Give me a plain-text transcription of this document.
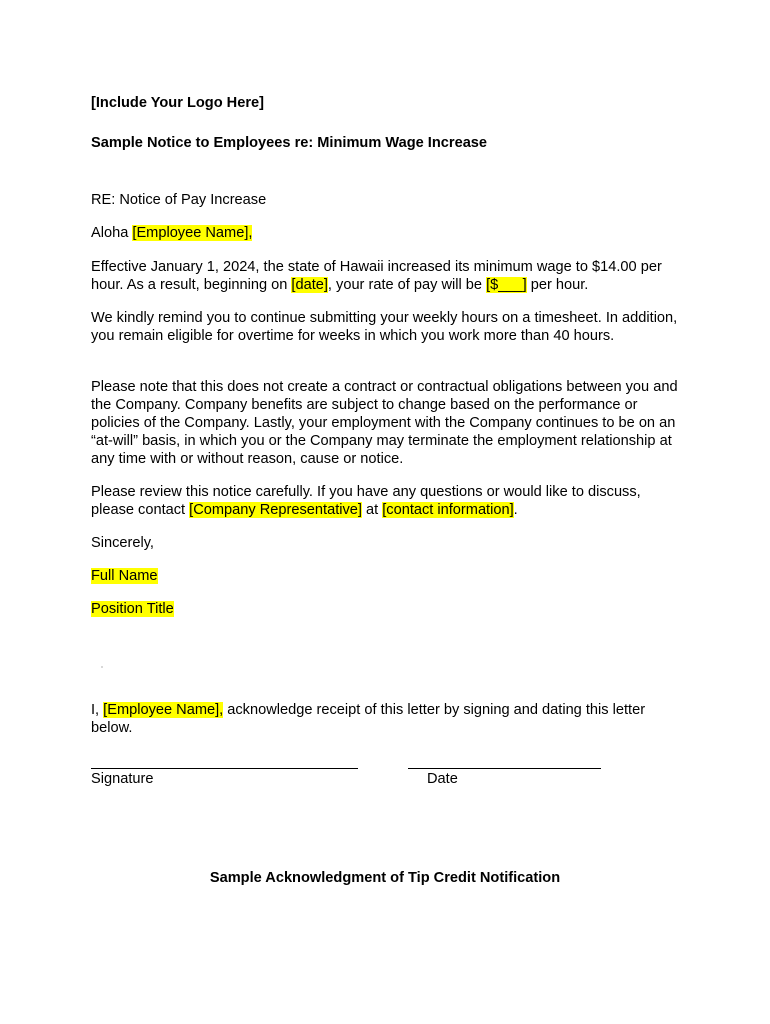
[Include Your Logo Here]
Sample Notice to Employees re: Minimum Wage Increase
RE: Notice of Pay Increase
Aloha [Employee Name],
Effective January 1, 2024, the state of Hawaii increased its minimum wage to $14.00 per hour. As a result, beginning on [date], your rate of pay will be [$___] per hour.
We kindly remind you to continue submitting your weekly hours on a timesheet. In addition, you remain eligible for overtime for weeks in which you work more than 40 hours.
Please note that this does not create a contract or contractual obligations between you and the Company. Company benefits are subject to change based on the performance or policies of the Company. Lastly, your employment with the Company continues to be on an “at-will” basis, in which you or the Company may terminate the employment relationship at any time with or without reason, cause or notice.
Please review this notice carefully. If you have any questions or would like to discuss, please contact [Company Representative] at [contact information].
Sincerely,
Full Name
Position Title
I, [Employee Name], acknowledge receipt of this letter by signing and dating this letter below.
Signature	Date
Sample Acknowledgment of Tip Credit Notification
